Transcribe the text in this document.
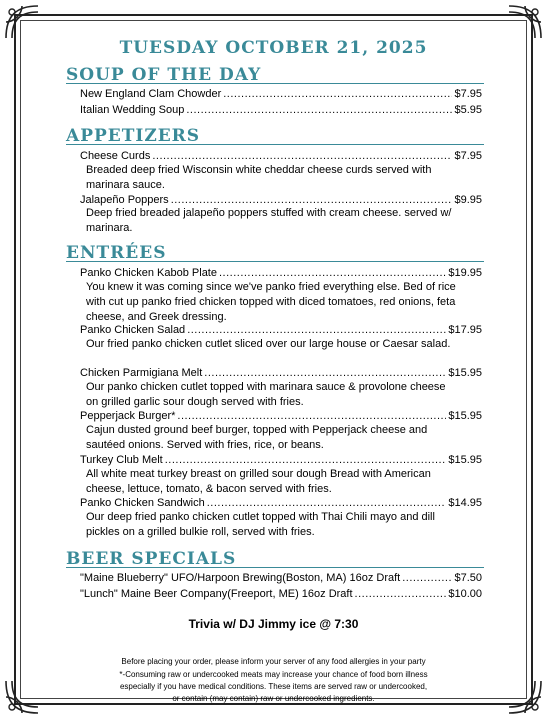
TUESDAY OCTOBER 21, 2025
SOUP OF THE DAY
New England Clam Chowder .....	$7.95
Italian Wedding Soup .....	$5.95
APPETIZERS
Cheese Curds .....	$7.95
Breaded deep fried Wisconsin white cheddar cheese curds served with marinara sauce.
Jalapeño Poppers .....	$9.95
Deep fried breaded jalapeño poppers stuffed with cream cheese. served w/ marinara.
ENTRÉES
Panko Chicken Kabob Plate .....	$19.95
You knew it was coming since we've panko fried everything else. Bed of rice with cut up panko fried chicken topped with diced tomatoes, red onions, feta cheese, and Greek dressing.
Panko Chicken Salad .....	$17.95
Our fried panko chicken cutlet sliced over our large house or Caesar salad.
Chicken Parmigiana Melt .....	$15.95
Our panko chicken cutlet topped with marinara sauce & provolone cheese on grilled garlic sour dough served with fries.
Pepperjack Burger* .....	$15.95
Cajun dusted ground beef burger, topped with Pepperjack cheese and sautéed onions. Served with fries, rice, or beans.
Turkey Club Melt .....	$15.95
All white meat turkey breast on grilled sour dough Bread with American cheese, lettuce, tomato, & bacon served with fries.
Panko Chicken Sandwich .....	$14.95
Our deep fried panko chicken cutlet topped with Thai Chili mayo and dill pickles on a grilled bulkie roll, served with fries.
BEER SPECIALS
"Maine Blueberry" UFO/Harpoon Brewing(Boston, MA) 16oz Draft .....	$7.50
"Lunch" Maine Beer Company(Freeport, ME) 16oz Draft .....	$10.00
Trivia w/ DJ Jimmy ice @ 7:30
Before placing your order, please inform your server of any food allergies in your party
*-Consuming raw or undercooked meats may increase your chance of food born illness
especially if you have medical conditions. These items are served raw or undercooked,
or contain (may contain) raw or undercooked ingredients.
